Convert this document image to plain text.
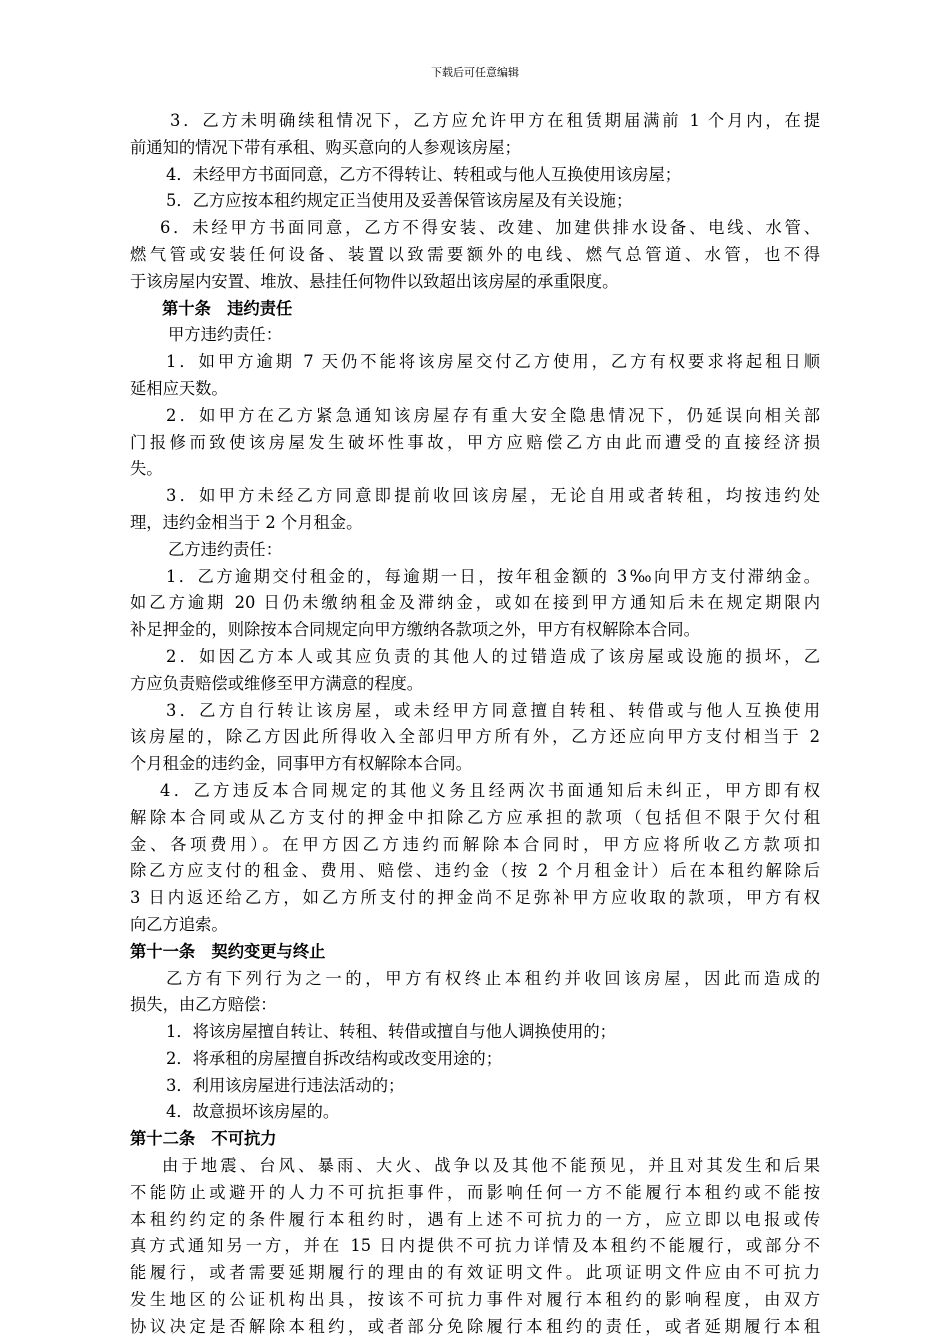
下载后可任意编辑
3．乙方未明确续租情况下，乙方应允许甲方在租赁期届满前 1 个月内，在提
前通知的情况下带有承租、购买意向的人参观该房屋；
4．未经甲方书面同意，乙方不得转让、转租或与他人互换使用该房屋；
5．乙方应按本租约规定正当使用及妥善保管该房屋及有关设施；
6．未经甲方书面同意，乙方不得安装、改建、加建供排水设备、电线、水管、
燃气管或安装任何设备、装置以致需要额外的电线、燃气总管道、水管，也不得
于该房屋内安置、堆放、悬挂任何物件以致超出该房屋的承重限度。
第十条　违约责任
甲方违约责任：
1．如甲方逾期 7 天仍不能将该房屋交付乙方使用，乙方有权要求将起租日顺
延相应天数。
2．如甲方在乙方紧急通知该房屋存有重大安全隐患情况下，仍延误向相关部
门报修而致使该房屋发生破坏性事故，甲方应赔偿乙方由此而遭受的直接经济损
失。
3．如甲方未经乙方同意即提前收回该房屋，无论自用或者转租，均按违约处
理，违约金相当于 2 个月租金。
乙方违约责任：
1．乙方逾期交付租金的，每逾期一日，按年租金额的 3‰向甲方支付滞纳金。
如乙方逾期 20 日仍未缴纳租金及滞纳金，或如在接到甲方通知后未在规定期限内
补足押金的，则除按本合同规定向甲方缴纳各款项之外，甲方有权解除本合同。
2．如因乙方本人或其应负责的其他人的过错造成了该房屋或设施的损坏，乙
方应负责赔偿或维修至甲方满意的程度。
3．乙方自行转让该房屋，或未经甲方同意擅自转租、转借或与他人互换使用
该房屋的，除乙方因此所得收入全部归甲方所有外，乙方还应向甲方支付相当于 2
个月租金的违约金，同事甲方有权解除本合同。
4．乙方违反本合同规定的其他义务且经两次书面通知后未纠正，甲方即有权
解除本合同或从乙方支付的押金中扣除乙方应承担的款项（包括但不限于欠付租
金、各项费用）。在甲方因乙方违约而解除本合同时，甲方应将所收乙方款项扣
除乙方应支付的租金、费用、赔偿、违约金（按 2 个月租金计）后在本租约解除后
3 日内返还给乙方，如乙方所支付的押金尚不足弥补甲方应收取的款项，甲方有权
向乙方追索。
第十一条　契约变更与终止
乙方有下列行为之一的，甲方有权终止本租约并收回该房屋，因此而造成的
损失，由乙方赔偿：
1．将该房屋擅自转让、转租、转借或擅自与他人调换使用的；
2．将承租的房屋擅自拆改结构或改变用途的；
3．利用该房屋进行违法活动的；
4．故意损坏该房屋的。
第十二条　不可抗力
由于地震、台风、暴雨、大火、战争以及其他不能预见，并且对其发生和后果
不能防止或避开的人力不可抗拒事件，而影响任何一方不能履行本租约或不能按
本租约约定的条件履行本租约时，遇有上述不可抗力的一方，应立即以电报或传
真方式通知另一方，并在 15 日内提供不可抗力详情及本租约不能履行，或部分不
能履行，或者需要延期履行的理由的有效证明文件。此项证明文件应由不可抗力
发生地区的公证机构出具，按该不可抗力事件对履行本租约的影响程度，由双方
协议决定是否解除本租约，或者部分免除履行本租约的责任，或者延期履行本租
